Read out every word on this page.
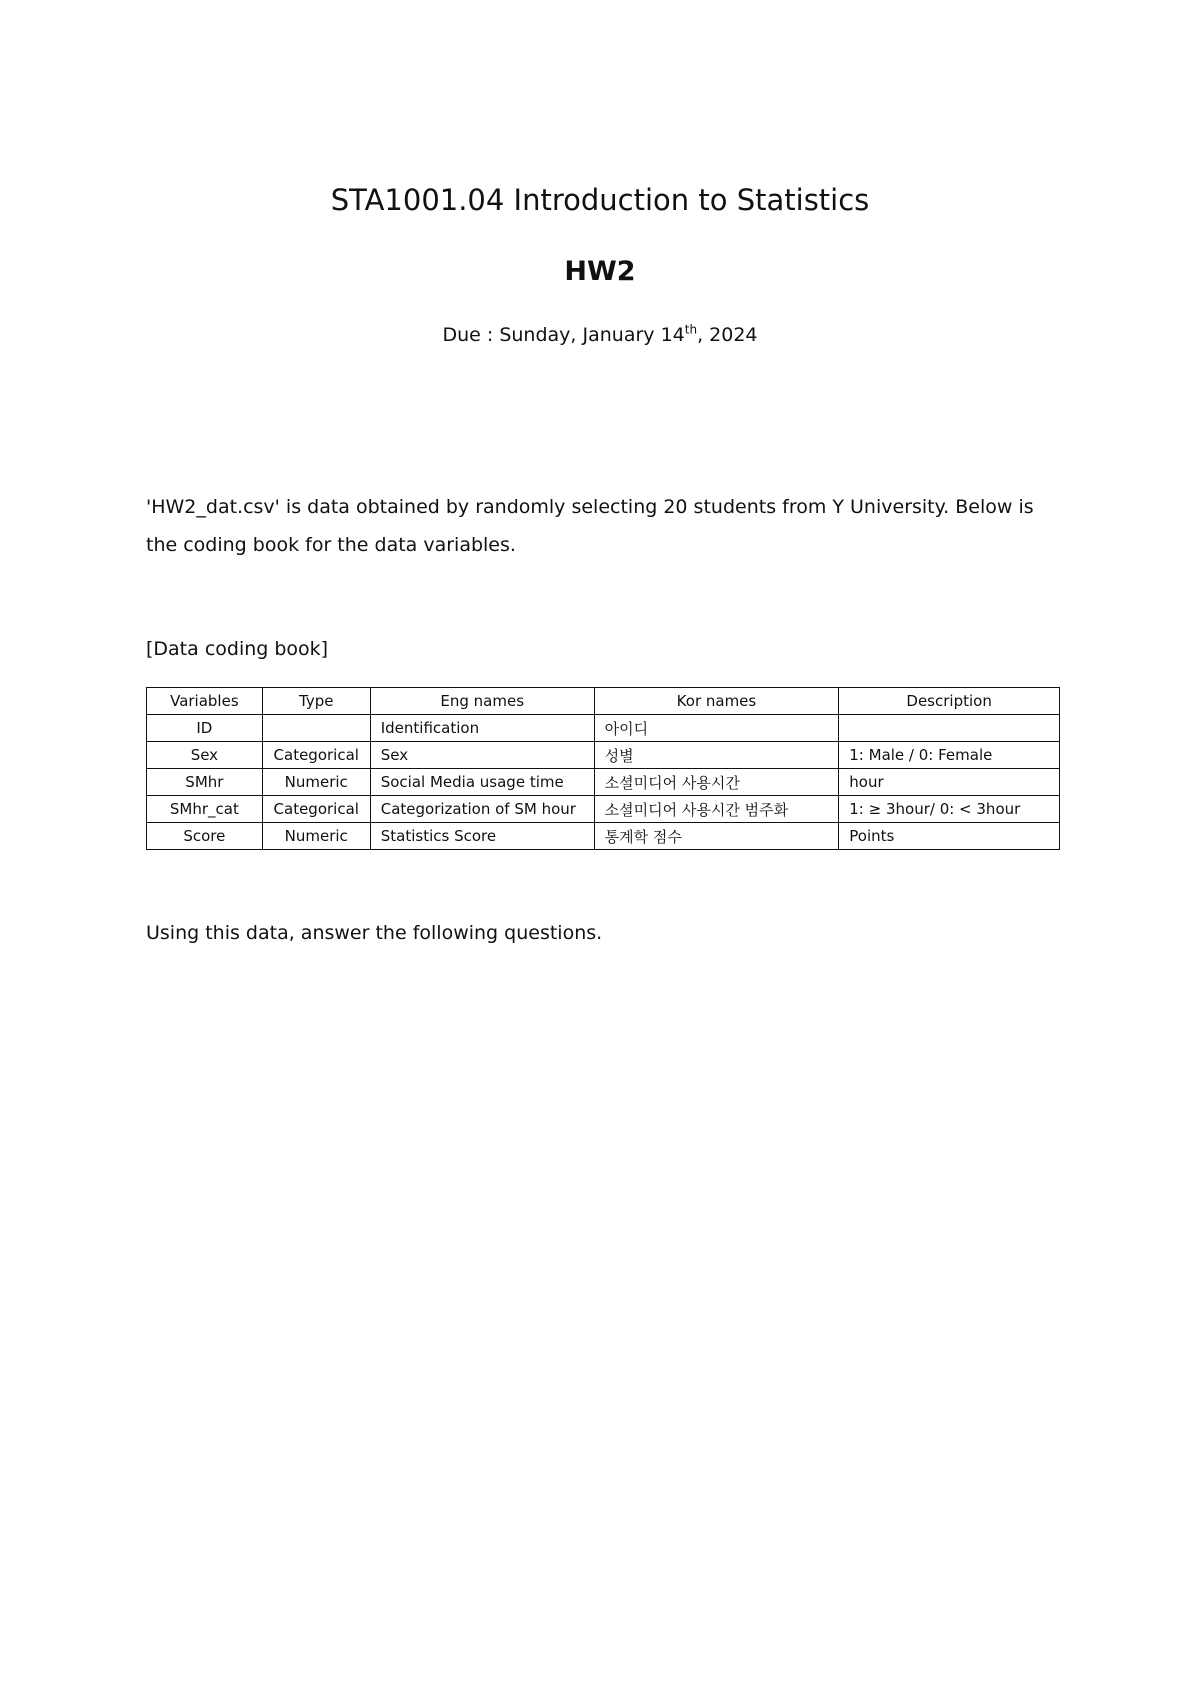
STA1001.04 Introduction to Statistics
HW2

Due : Sunday, January 14th, 2024

'HW2_dat.csv' is data obtained by randomly selecting 20 students from Y University. Below is the coding book for the data variables.

[Data coding book]

Variables	Type	Eng names	Kor names	Description
ID		Identification	아이디	
Sex	Categorical	Sex	성별	1: Male / 0: Female
SMhr	Numeric	Social Media usage time	소셜미디어 사용시간	hour
SMhr_cat	Categorical	Categorization of SM hour	소셜미디어 사용시간 범주화	1: ≥ 3hour/ 0: < 3hour
Score	Numeric	Statistics Score	통계학 점수	Points

Using this data, answer the following questions.
